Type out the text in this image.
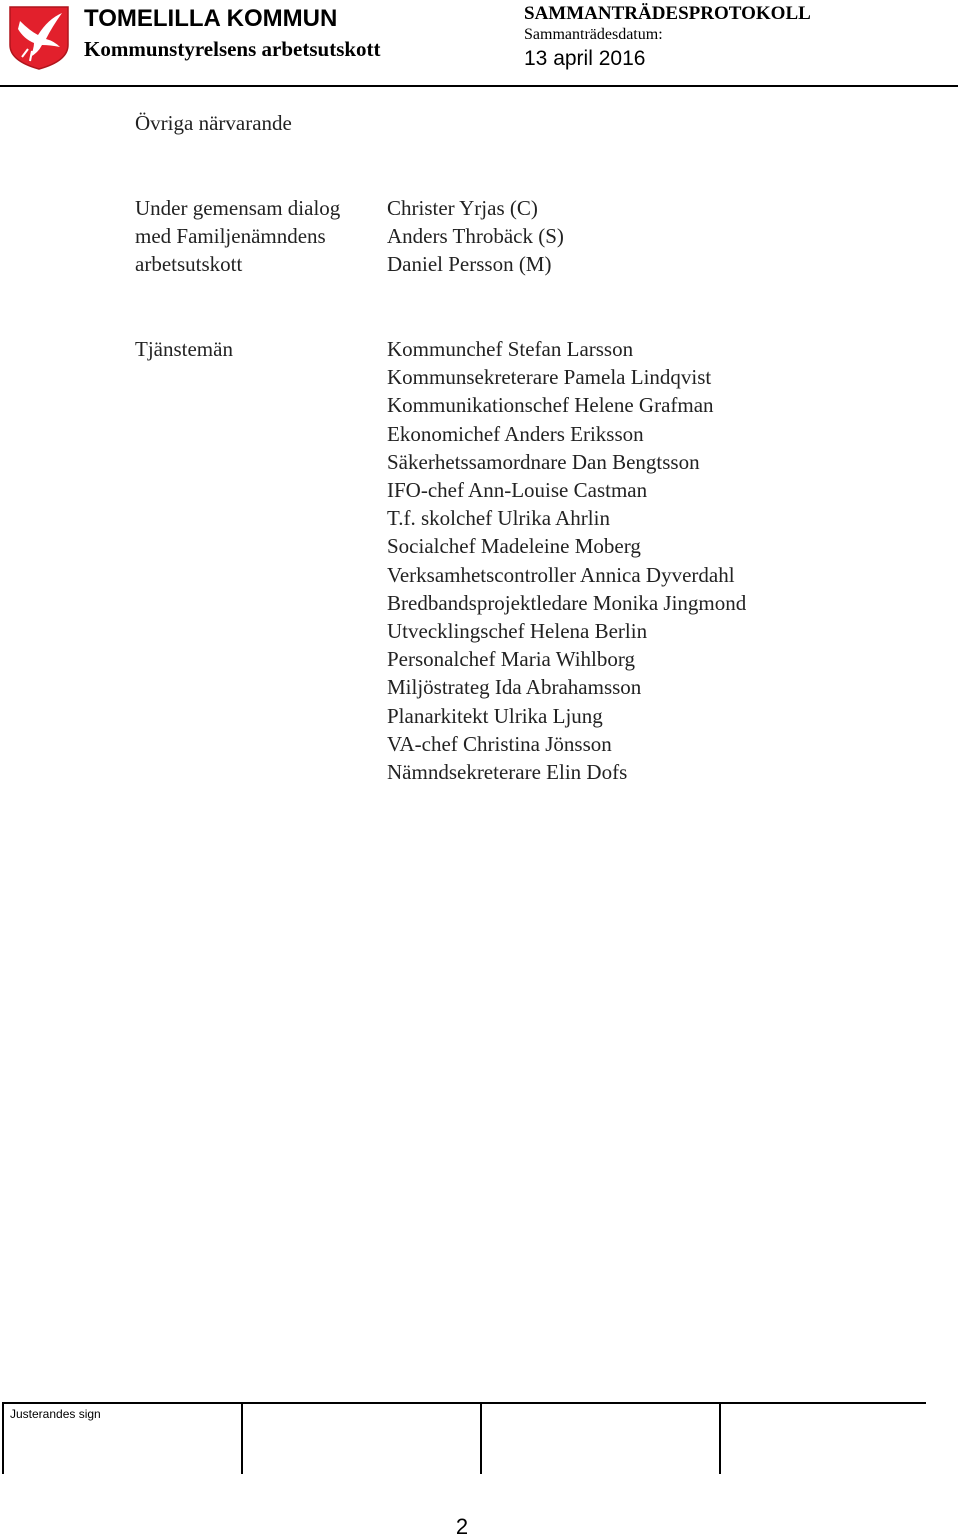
TOMELILLA KOMMUN
Kommunstyrelsens arbetsutskott
SAMMANTRÄDESPROTOKOLL
Sammanträdesdatum:
13 april 2016
Övriga närvarande
Under gemensam dialog
med Familjenämndens
arbetsutskott
Christer Yrjas (C)
Anders Throbäck (S)
Daniel Persson (M)
Tjänstemän	Kommunchef Stefan Larsson
Kommunsekreterare Pamela Lindqvist
Kommunikationschef Helene Grafman
Ekonomichef Anders Eriksson
Säkerhetssamordnare Dan Bengtsson
IFO-chef Ann-Louise Castman
T.f. skolchef Ulrika Ahrlin
Socialchef Madeleine Moberg
Verksamhetscontroller Annica Dyverdahl
Bredbandsprojektledare Monika Jingmond
Utvecklingschef Helena Berlin
Personalchef Maria Wihlborg
Miljöstrateg Ida Abrahamsson
Planarkitekt Ulrika Ljung
VA-chef Christina Jönsson
Nämndsekreterare Elin Dofs
Justerandes sign
2
